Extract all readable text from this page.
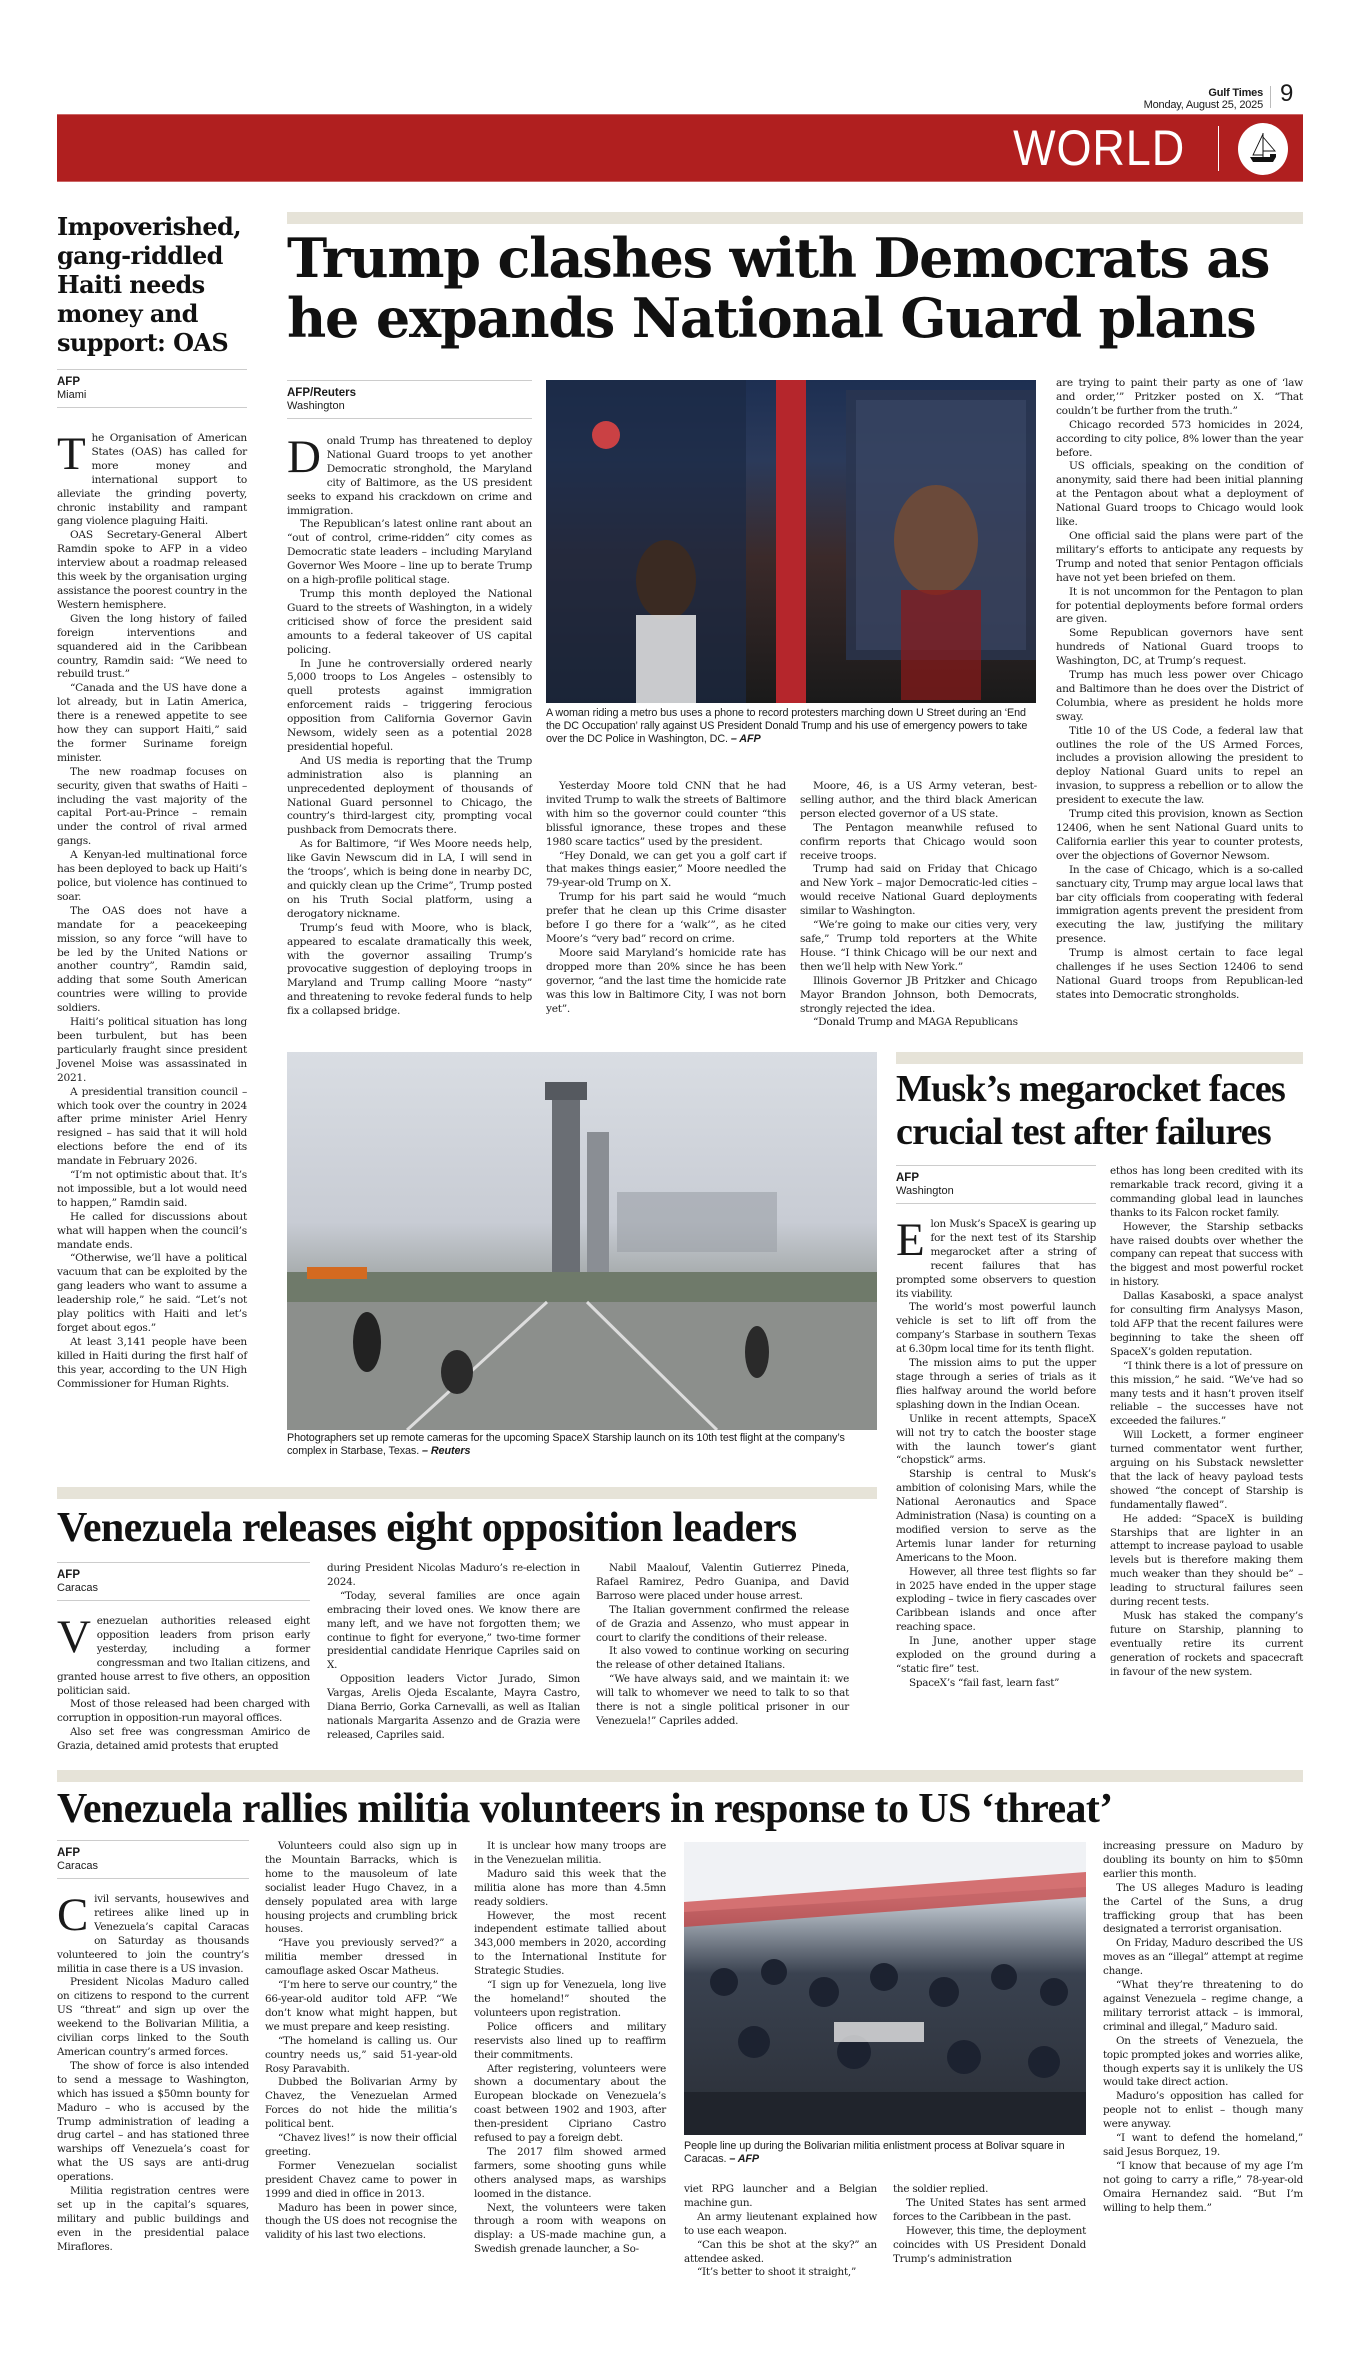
Gulf Times
Monday, August 25, 2025 9
WORLD
Impoverished, gang-riddled Haiti needs money and support: OAS
AFP
Miami

The Organisation of American States (OAS) has called for more money and international support to alleviate the grinding poverty, chronic instability and rampant gang violence plaguing Haiti.

OAS Secretary-General Albert Ramdin spoke to AFP in a video interview about a roadmap released this week by the organisation urging assistance the poorest country in the Western hemisphere.

Given the long history of failed foreign interventions and squandered aid in the Caribbean country, Ramdin said: “We need to rebuild trust.”

“Canada and the US have done a lot already, but in Latin America, there is a renewed appetite to see how they can support Haiti,” said the former Suriname foreign minister.

The new roadmap focuses on security, given that swaths of Haiti – including the vast majority of the capital Port-au-Prince – remain under the control of rival armed gangs.

A Kenyan-led multinational force has been deployed to back up Haiti’s police, but violence has continued to soar.

The OAS does not have a mandate for a peacekeeping mission, so any force “will have to be led by the United Nations or another country”, Ramdin said, adding that some South American countries were willing to provide soldiers.

Haiti’s political situation has long been turbulent, but has been particularly fraught since president Jovenel Moise was assassinated in 2021.

A presidential transition council – which took over the country in 2024 after prime minister Ariel Henry resigned – has said that it will hold elections before the end of its mandate in February 2026.

“I’m not optimistic about that. It’s not impossible, but a lot would need to happen,” Ramdin said.

He called for discussions about what will happen when the council’s mandate ends.

“Otherwise, we’ll have a political vacuum that can be exploited by the gang leaders who want to assume a leadership role,” he said. “Let’s not play politics with Haiti and let’s forget about egos.”

At least 3,141 people have been killed in Haiti during the first half of this year, according to the UN High Commissioner for Human Rights.

Trump clashes with Democrats as he expands National Guard plans
AFP/Reuters
Washington

Donald Trump has threatened to deploy National Guard troops to yet another Democratic stronghold, the Maryland city of Baltimore, as the US president seeks to expand his crackdown on crime and immigration.

The Republican’s latest online rant about an “out of control, crime-ridden” city comes as Democratic state leaders – including Maryland Governor Wes Moore – line up to berate Trump on a high-profile political stage.

Trump this month deployed the National Guard to the streets of Washington, in a widely criticised show of force the president said amounts to a federal takeover of US capital policing.

In June he controversially ordered nearly 5,000 troops to Los Angeles – ostensibly to quell protests against immigration enforcement raids – triggering ferocious opposition from California Governor Gavin Newsom, widely seen as a potential 2028 presidential hopeful.

And US media is reporting that the Trump administration also is planning an unprecedented deployment of thousands of National Guard personnel to Chicago, the country’s third-largest city, prompting vocal pushback from Democrats there.

As for Baltimore, “if Wes Moore needs help, like Gavin Newscum did in LA, I will send in the ‘troops’, which is being done in nearby DC, and quickly clean up the Crime”, Trump posted on his Truth Social platform, using a derogatory nickname.

Trump’s feud with Moore, who is black, appeared to escalate dramatically this week, with the governor assailing Trump’s provocative suggestion of deploying troops in Maryland and Trump calling Moore “nasty” and threatening to revoke federal funds to help fix a collapsed bridge.

A woman riding a metro bus uses a phone to record protesters marching down U Street during an ‘End the DC Occupation’ rally against US President Donald Trump and his use of emergency powers to take over the DC Police in Washington, DC. – AFP

Yesterday Moore told CNN that he had invited Trump to walk the streets of Baltimore with him so the governor could counter “this blissful ignorance, these tropes and these 1980 scare tactics” used by the president.

“Hey Donald, we can get you a golf cart if that makes things easier,” Moore needled the 79-year-old Trump on X.

Trump for his part said he would “much prefer that he clean up this Crime disaster before I go there for a ‘walk’”, as he cited Moore’s “very bad” record on crime.

Moore said Maryland’s homicide rate has dropped more than 20% since he has been governor, “and the last time the homicide rate was this low in Baltimore City, I was not born yet”.

Moore, 46, is a US Army veteran, best-selling author, and the third black American person elected governor of a US state.

The Pentagon meanwhile refused to confirm reports that Chicago would soon receive troops.

Trump had said on Friday that Chicago and New York – major Democratic-led cities – would receive National Guard deployments similar to Washington.

“We’re going to make our cities very, very safe,” Trump told reporters at the White House. “I think Chicago will be our next and then we’ll help with New York.”

Illinois Governor JB Pritzker and Chicago Mayor Brandon Johnson, both Democrats, strongly rejected the idea.

“Donald Trump and MAGA Republicans

are trying to paint their party as one of ‘law and order,’” Pritzker posted on X. “That couldn’t be further from the truth.”

Chicago recorded 573 homicides in 2024, according to city police, 8% lower than the year before.

US officials, speaking on the condition of anonymity, said there had been initial planning at the Pentagon about what a deployment of National Guard troops to Chicago would look like.

One official said the plans were part of the military’s efforts to anticipate any requests by Trump and noted that senior Pentagon officials have not yet been briefed on them.

It is not uncommon for the Pentagon to plan for potential deployments before formal orders are given.

Some Republican governors have sent hundreds of National Guard troops to Washington, DC, at Trump’s request.

Trump has much less power over Chicago and Baltimore than he does over the District of Columbia, where as president he holds more sway.

Title 10 of the US Code, a federal law that outlines the role of the US Armed Forces, includes a provision allowing the president to deploy National Guard units to repel an invasion, to suppress a rebellion or to allow the president to execute the law.

Trump cited this provision, known as Section 12406, when he sent National Guard units to California earlier this year to counter protests, over the objections of Governor Newsom.

In the case of Chicago, which is a so-called sanctuary city, Trump may argue local laws that bar city officials from cooperating with federal immigration agents prevent the president from executing the law, justifying the military presence.

Trump is almost certain to face legal challenges if he uses Section 12406 to send National Guard troops from Republican-led states into Democratic strongholds.

Photographers set up remote cameras for the upcoming SpaceX Starship launch on its 10th test flight at the company’s complex in Starbase, Texas. – Reuters
Musk’s megarocket faces crucial test after failures
AFP
Washington

Elon Musk’s SpaceX is gearing up for the next test of its Starship megarocket after a string of recent failures that has prompted some observers to question its viability.

The world’s most powerful launch vehicle is set to lift off from the company’s Starbase in southern Texas at 6.30pm local time for its tenth flight.

The mission aims to put the upper stage through a series of trials as it flies halfway around the world before splashing down in the Indian Ocean.

Unlike in recent attempts, SpaceX will not try to catch the booster stage with the launch tower’s giant “chopstick” arms.

Starship is central to Musk’s ambition of colonising Mars, while the National Aeronautics and Space Administration (Nasa) is counting on a modified version to serve as the Artemis lunar lander for returning Americans to the Moon.

However, all three test flights so far in 2025 have ended in the upper stage exploding – twice in fiery cascades over Caribbean islands and once after reaching space.

In June, another upper stage exploded on the ground during a “static fire” test.

SpaceX’s “fail fast, learn fast”

ethos has long been credited with its remarkable track record, giving it a commanding global lead in launches thanks to its Falcon rocket family.

However, the Starship setbacks have raised doubts over whether the company can repeat that success with the biggest and most powerful rocket in history.

Dallas Kasaboski, a space analyst for consulting firm Analysys Mason, told AFP that the recent failures were beginning to take the sheen off SpaceX’s golden reputation.

“I think there is a lot of pressure on this mission,” he said. “We’ve had so many tests and it hasn’t proven itself reliable – the successes have not exceeded the failures.”

Will Lockett, a former engineer turned commentator went further, arguing on his Substack newsletter that the lack of heavy payload tests showed “the concept of Starship is fundamentally flawed”.

He added: “SpaceX is building Starships that are lighter in an attempt to increase payload to usable levels but is therefore making them much weaker than they should be” – leading to structural failures seen during recent tests.

Musk has staked the company’s future on Starship, planning to eventually retire its current generation of rockets and spacecraft in favour of the new system.

Venezuela releases eight opposition leaders
AFP
Caracas

Venezuelan authorities released eight opposition leaders from prison early yesterday, including a former congressman and two Italian citizens, and granted house arrest to five others, an opposition politician said.

Most of those released had been charged with corruption in opposition-run mayoral offices.

Also set free was congressman Amirico de Grazia, detained amid protests that erupted

during President Nicolas Maduro’s re-election in 2024.

“Today, several families are once again embracing their loved ones. We know there are many left, and we have not forgotten them; we continue to fight for everyone,” two-time former presidential candidate Henrique Capriles said on X.

Opposition leaders Victor Jurado, Simon Vargas, Arelis Ojeda Escalante, Mayra Castro, Diana Berrio, Gorka Carnevalli, as well as Italian nationals Margarita Assenzo and de Grazia were released, Capriles said.

Nabil Maalouf, Valentin Gutierrez Pineda, Rafael Ramirez, Pedro Guanipa, and David Barroso were placed under house arrest.

The Italian government confirmed the release of de Grazia and Assenzo, who must appear in court to clarify the conditions of their release.

It also vowed to continue working on securing the release of other detained Italians.

“We have always said, and we maintain it: we will talk to whomever we need to talk to so that there is not a single political prisoner in our Venezuela!” Capriles added.

Venezuela rallies militia volunteers in response to US ‘threat’
AFP
Caracas

Civil servants, housewives and retirees alike lined up in Venezuela’s capital Caracas on Saturday as thousands volunteered to join the country’s militia in case there is a US invasion.

President Nicolas Maduro called on citizens to respond to the current US “threat” and sign up over the weekend to the Bolivarian Militia, a civilian corps linked to the South American country’s armed forces.

The show of force is also intended to send a message to Washington, which has issued a $50mn bounty for Maduro – who is accused by the Trump administration of leading a drug cartel – and has stationed three warships off Venezuela’s coast for what the US says are anti-drug operations.

Militia registration centres were set up in the capital’s squares, military and public buildings and even in the presidential palace Miraflores.

Volunteers could also sign up in the Mountain Barracks, which is home to the mausoleum of late socialist leader Hugo Chavez, in a densely populated area with large housing projects and crumbling brick houses.

“Have you previously served?” a militia member dressed in camouflage asked Oscar Matheus.

“I’m here to serve our country,” the 66-year-old auditor told AFP. “We don’t know what might happen, but we must prepare and keep resisting.

“The homeland is calling us. Our country needs us,” said 51-year-old Rosy Paravabith.

Dubbed the Bolivarian Army by Chavez, the Venezuelan Armed Forces do not hide the militia’s political bent.

“Chavez lives!” is now their official greeting.

Former Venezuelan socialist president Chavez came to power in 1999 and died in office in 2013.

Maduro has been in power since, though the US does not recognise the validity of his last two elections.

It is unclear how many troops are in the Venezuelan militia.

Maduro said this week that the militia alone has more than 4.5mn ready soldiers.

However, the most recent independent estimate tallied about 343,000 members in 2020, according to the International Institute for Strategic Studies.

“I sign up for Venezuela, long live the homeland!” shouted the volunteers upon registration.

Police officers and military reservists also lined up to reaffirm their commitments.

After registering, volunteers were shown a documentary about the European blockade on Venezuela’s coast between 1902 and 1903, after then-president Cipriano Castro refused to pay a foreign debt.

The 2017 film showed armed farmers, some shooting guns while others analysed maps, as warships loomed in the distance.

Next, the volunteers were taken through a room with weapons on display: a US-made machine gun, a Swedish grenade launcher, a So-

People line up during the Bolivarian militia enlistment process at Bolivar square in Caracas. – AFP

viet RPG launcher and a Belgian machine gun.

An army lieutenant explained how to use each weapon.

“Can this be shot at the sky?” an attendee asked.

“It’s better to shoot it straight,”

the soldier replied.

The United States has sent armed forces to the Caribbean in the past.

However, this time, the deployment coincides with US President Donald Trump’s administration

increasing pressure on Maduro by doubling its bounty on him to $50mn earlier this month.

The US alleges Maduro is leading the Cartel of the Suns, a drug trafficking group that has been designated a terrorist organisation.

On Friday, Maduro described the US moves as an “illegal” attempt at regime change.

“What they’re threatening to do against Venezuela – regime change, a military terrorist attack – is immoral, criminal and illegal,” Maduro said.

On the streets of Venezuela, the topic prompted jokes and worries alike, though experts say it is unlikely the US would take direct action.

Maduro’s opposition has called for people not to enlist – though many were anyway.

“I want to defend the homeland,” said Jesus Borquez, 19.

“I know that because of my age I’m not going to carry a rifle,” 78-year-old Omaira Hernandez said. “But I’m willing to help them.”
